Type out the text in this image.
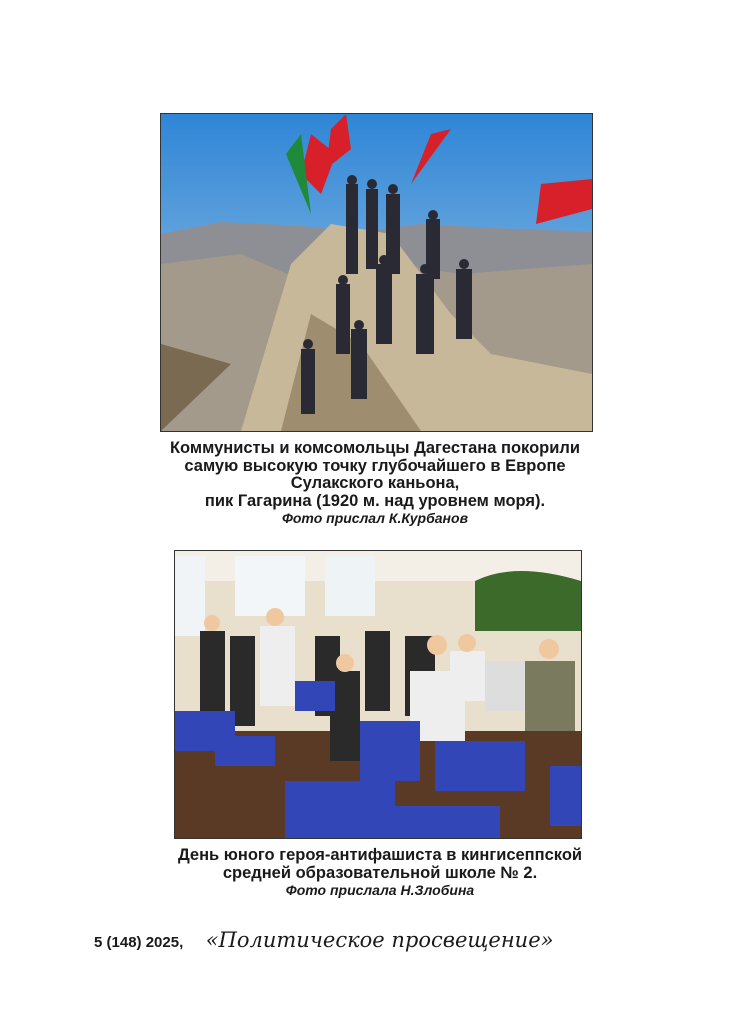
Коммунисты и комсомольцы Дагестана покорили
самую высокую точку глубочайшего в Европе
Сулакского каньона,
пик Гагарина (1920 м. над уровнем моря).
Фото прислал К.Курбанов
День юного героя-антифашиста в кингисеппской
средней образовательной школе № 2.
Фото прислала Н.Злобина
5 (148) 2025, «Политическое просвещение»
